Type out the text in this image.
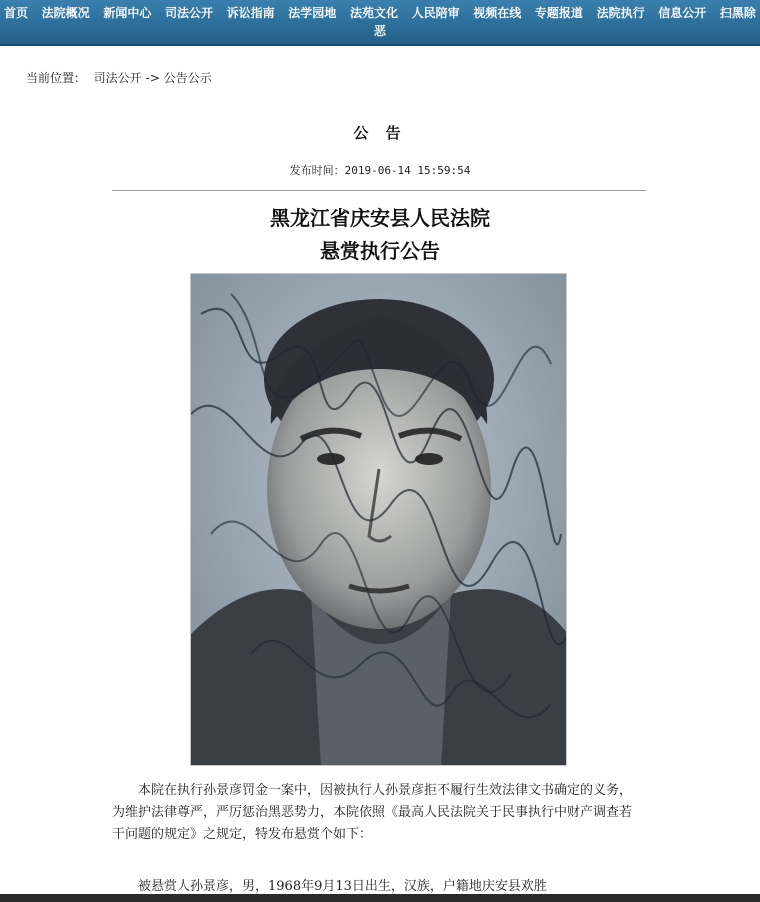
首页 法院概况 新闻中心 司法公开 诉讼指南 法学园地 法苑文化 人民陪审 视频在线 专题报道 法院执行 信息公开 扫黑除
恶
当前位置： 司法公开 -> 公告公示
公 告
发布时间：2019-06-14 15:59:54
黑龙江省庆安县人民法院
悬赏执行公告
本院在执行孙景彦罚金一案中，因被执行人孙景彦拒不履行生效法律文书确定的义务，为维护法律尊严，严厉惩治黑恶势力，本院依照《最高人民法院关于民事执行中财产调查若干问题的规定》之规定，特发布悬赏个如下：
被悬赏人孙景彦，男，1968年9月13日出生，汉族，户籍地庆安县欢胜
